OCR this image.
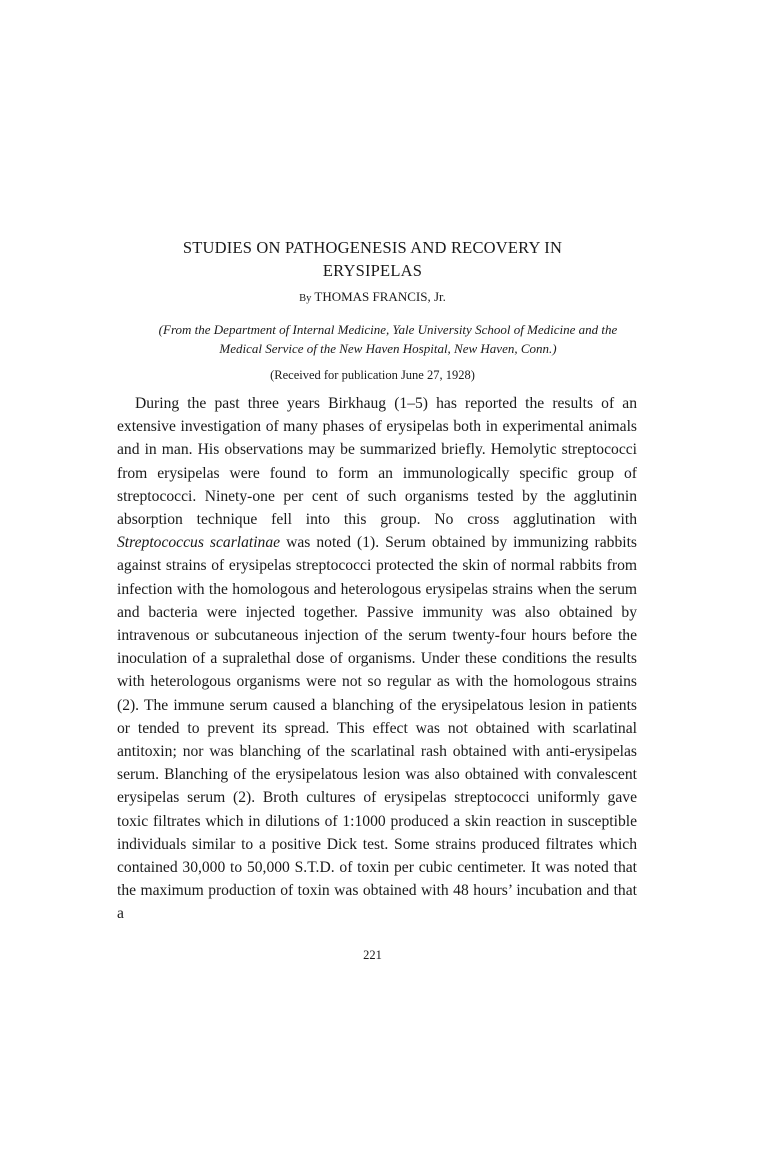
STUDIES ON PATHOGENESIS AND RECOVERY IN
ERYSIPELAS

By THOMAS FRANCIS, Jr.

(From the Department of Internal Medicine, Yale University School of Medicine and the
Medical Service of the New Haven Hospital, New Haven, Conn.)

(Received for publication June 27, 1928)

During the past three years Birkhaug (1–5) has reported the results of an extensive investigation of many phases of erysipelas both in experimental animals and in man. His observations may be summarized briefly. Hemolytic streptococci from erysipelas were found to form an immunologically specific group of streptococci. Ninety-one per cent of such organisms tested by the agglutinin absorption technique fell into this group. No cross agglutination with Streptococcus scarlatinae was noted (1). Serum obtained by immunizing rabbits against strains of erysipelas streptococci protected the skin of normal rabbits from infection with the homologous and heterologous erysipelas strains when the serum and bacteria were injected together. Passive immunity was also obtained by intravenous or subcutaneous injection of the serum twenty-four hours before the inoculation of a supralethal dose of organisms. Under these conditions the results with heterologous organisms were not so regular as with the homologous strains (2). The immune serum caused a blanching of the erysipelatous lesion in patients or tended to prevent its spread. This effect was not obtained with scarlatinal antitoxin; nor was blanching of the scarlatinal rash obtained with anti-erysipelas serum. Blanching of the erysipelatous lesion was also obtained with convalescent erysipelas serum (2). Broth cultures of erysipelas streptococci uniformly gave toxic filtrates which in dilutions of 1:1000 produced a skin reaction in susceptible individuals similar to a positive Dick test. Some strains produced filtrates which contained 30,000 to 50,000 S.T.D. of toxin per cubic centimeter. It was noted that the maximum production of toxin was obtained with 48 hours’ incubation and that a

221
